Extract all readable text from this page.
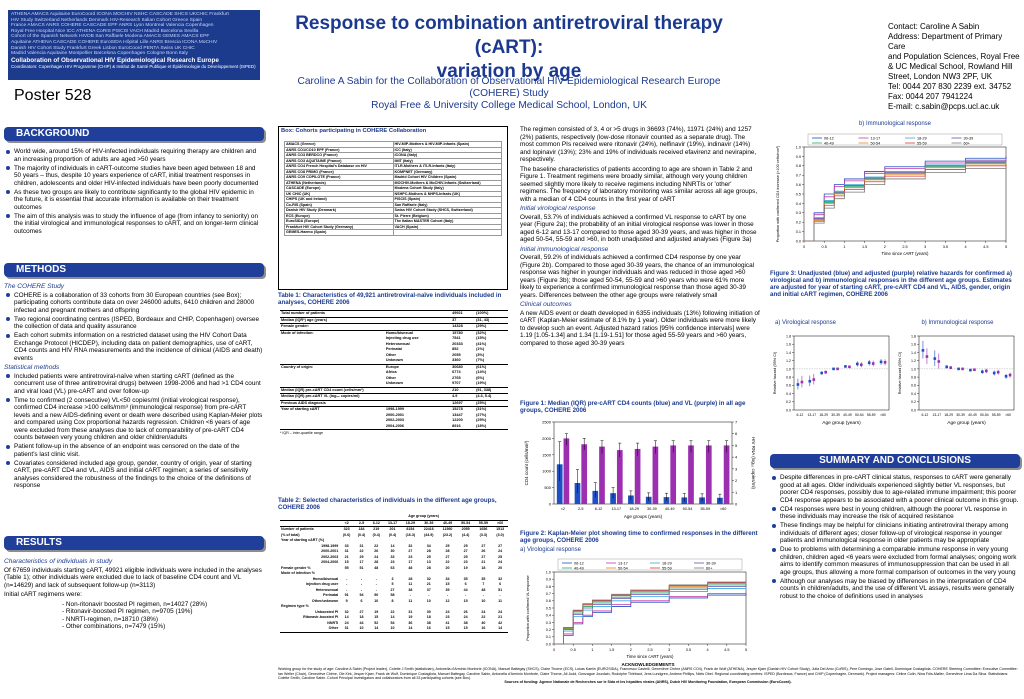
ATHENA AMACS Aquitaine EuroCoord ICONA MOCHIV NSHC CASCADE SHCS UKCHIC Frankfurt
HIV Study Switzerland Netherlands Denmark HIV-Research Italian Cohort Greece Spain
France AMACS ANRS COHERE CASCADE EPF ANRS Lyon Montreal Valencia Copenhagen
Royal Free Hospital Nice ICC ATHENA CoRIS PISCIS VACH Madrid Barcelona Sevilla
Cohort of the Spanish Network HIVDB San Raffaele Modena AMACS GEMES AMACS EPF
Aquitaine ATHENA CASCADE COHERE EuroSIDA Hôpital Lille ANRS Brescia ICONA MoCHIV
Danish HIV Cohort Study Frankfurt Greek Lisbon EuroCoord PENTA Swiss UK CHIC
Madrid Valencia Aquitaine Montpellier Barcelona Copenhagen Cologne Bonn Italy
Collaboration of Observational HIV Epidemiological Research Europe
Coordinators: Copenhagen HIV Programme (CHIP) & Institut de Santé Publique et Épidémiologie du Développement (ISPED)
Poster 528
Response to combination antiretroviral therapy (cART):
variation by age
Caroline A Sabin for the Collaboration of Observational HIV Epidemiological Research Europe (COHERE) Study
Royal Free & University College Medical School, London, UK
Contact: Caroline A Sabin
Address: Department of Primary Care
and Population Sciences, Royal Free
& UC Medical School, Rowland Hill
Street, London NW3 2PF, UK
Tel: 0044 207 830 2239 ext. 34752
Fax: 0044 207 7941224
E-mail: c.sabin@pcps.ucl.ac.uk
BACKGROUND
World wide, around 15% of HIV-infected individuals requiring therapy are children and an increasing proportion of adults are aged >50 years
The majority of individuals in cART-outcome studies have been aged between 18 and 50 years – thus, despite 10 years experience of cART, initial treatment responses in children, adolescents and older HIV-infected individuals have been poorly documented
As these two groups are likely to contribute significantly to the global HIV epidemic in the future, it is essential that accurate information is available on their treatment outcomes
The aim of this analysis was to study the influence of age (from infancy to seniority) on the initial virological and immunological responses to cART, and on longer-term clinical outcomes
METHODS
The COHERE Study
COHERE is a collaboration of 33 cohorts from 30 European countries (see Box); participating cohorts contribute data on over 246000 adults, 6410 children and 28000 infected and pregnant mothers and offspring
Two regional coordinating centres (ISPED, Bordeaux and CHIP, Copenhagen) oversee the collection of data and quality assurance
Each cohort submits information on a restricted dataset using the HIV Cohort Data Exchange Protocol (HICDEP), including data on patient demographics, use of cART, CD4 counts and HIV RNA measurements and the incidence of clinical (AIDS and death) events
Statistical methods
Included patients were antiretroviral-naïve when starting cART (defined as the concurrent use of three antiretroviral drugs) between 1998-2006 and had >1 CD4 count and viral load (VL) pre-cART and over follow-up
Time to confirmed (2 consecutive) VL<50 copies/ml (initial virological response), confirmed CD4 increase >100 cells/mm³ (immunological response) from pre-cART levels and a new AIDS-defining event or death were described using Kaplan-Meier plots and compared using Cox proportional hazards regression. Children <6 years of age were excluded from these analyses due to lack of comparability of pre-cART CD4 counts between very young children and older children/adults
Patient follow-up in the absence of an endpoint was censored on the date of the patient's last clinic visit.
Covariates considered included age group, gender, country of origin, year of starting cART, pre-cART CD4 and VL, AIDS and initial cART regimen; a series of sensitivity analyses considered the robustness of the findings to the choice of the definitions of response
RESULTS
Characteristics of individuals in study

Of 67659 individuals starting cART, 49921 eligible individuals were included in the analyses (Table 1); other individuals were excluded due to lack of baseline CD4 count and VL (n=14629) and lack of subsequent follow-up (n=3113)

Initial cART regimens were:

- Non-ritonavir boosted PI regimen, n=14027 (28%)
- Ritonavir-boosted PI regimen, n=9705 (19%)
- NNRTI-regimen, n=18710 (38%)
- Other combinations, n=7479 (15%)
Box: Cohorts participating in COHERE Collaboration
AMACS (Greece)	HIV-MIP-Mothers & HIV-MIP-Infants (Spain)
ANRS CO1/CO10 EPF (France)	ICC (Italy)
ANRS CO3 BERDCO (France)	ICONA (Italy)
ANRS CO3 AQUITAINE (France)	IMIT (Italy)
ANRS CO4 French Hospital's Database on HIV	ITLR-Mothers & ITLR-Infants (Italy)
ANRS CO8 PRIMO (France)	KOMPNET (Germany)
ANRS CO9 COPILOTE (France)	Madrid Cohort HIV Children (Spain)
ATHENA (Netherlands)	MOCHIV-Mothers & MoCHIV-Infants (Switzerland)
CASCADE (Europe)	Modena Cohort Study (Italy)
UK CHIC (UK)	NSHPC-Mothers & NHPS-Infants (UK)
CHIPS (UK and Ireland)	PISCIS (Spain)
Co-RIS (Spain)	San Raffaele (Italy)
Danish HIV Study (Denmark)	Swiss HIV Cohort Study (SHCS, Switzerland)
ECS (Europe)	St. Pierre (Belgium)
EuroSIDA (Europe)	The Italian MASTER Cohort (Italy)
Frankfurt HIV Cohort Study (Germany)	VACH (Spain)
GEMES-Haemo (Spain)	
Table 1: Characteristics of 49,921 antiretroviral-naïve individuals included in analyses, COHERE 2006
Total number of patients		49921	(100%)
Median (IQR*) age (years)		37	(31, 43)
Female gender:		14328	(29%)
Mode of infection:	Homo/bisexual	15780	(32%)
	Injecting drug use	7541	(15%)
	Heterosexual	20333	(41%)
	Perinatal	852	(1%)
	Other	2055	(3%)
	Unknown	3360	(7%)
Country of origin:	Europe	30680	(61%)
	Africa	6774	(14%)
	Other	2765	(6%)
	Unknown	9707	(19%)
Median (IQR) pre-cART CD4 count (cells/mm³)		210	(91, 338)
Median (IQR) pre-cART VL (log₁₀ copies/ml)		4.9	(4.3, 5.4)
Previous AIDS diagnosis		12697	(25%)
Year of starting cART	1998-1999	15278	(31%)
	2000-2001	13447	(27%)
	2002-2003	12200	(25%)
	2004-2006	8916	(18%)
* IQR – inter-quartile range
Table 2: Selected characteristics of individuals in the different age groups, COHERE 2006
	Age group (years)									
	<2	2-5	6-12	13-17	18-29	30-39	40-49	50-54	55-59	>60
Number of patients	323	184	219	201	8154	22416	11560	2055	1656	1513
(% of total)	(0.6)	(0.4)	(0.4)	(0.4)	(16.3)	(44.9)	(23.2)	(4.4)	(3.3)	(3.0)
Year of starting cART (%)										
1998-1999	33	31	22	14	32	34	25	25	27	27
2000-2001	31	22	26	30	27	28	28	27	26	24
2002-2003	21	29	24	33	23	25	27	25	27	25
2004-2006	15	17	28	23	17	13	22	23	21	24
Female gender %	55	51	48	63	48	28	20	19	18	20
Mode of infection %										
Homo/bisexual	-	-	-	3	28	32	34	35	35	32
Injection drug user	-	-	-	5	11	21	15	6	7	6
Heterosexual	-	-	-	27	38	37	39	44	48	51
Perinatal	91	94	90	58	-	-	-	-	-	-
Other/unknown	9	6	10	8	11	10	12	15	10	11
Regimen type %										
Unboosted PI	32	27	19	22	31	30	24	26	24	24
Ritonavir-boosted PI	14	18	15	14	19	18	23	24	22	21
NNRTI	24	44	52	54	36	38	41	38	40	42
Other	31	10	14	10	14	16	15	15	16	14

The regimen consisted of 3, 4 or >5 drugs in 36693 (74%), 11971 (24%) and 1257 (2%) patients, respectively (low-dose ritonavir counted as a separate drug). The most common PIs received were ritonavir (24%), nelfinavir (19%), indinavir (14%) and lopinavir (13%); 23% and 19% of individuals received efavirenz and nevirapine, respectively.

The baseline characteristics of patients according to age are shown in Table 2 and Figure 1. Treatment regimens were broadly similar, although very young children seemed slightly more likely to receive regimens including NNRTIs or 'other' regimens. The frequency of laboratory monitoring was similar across all age groups, with a median of 4 CD4 counts in the first year of cART

Initial virological response

Overall, 53.7% of individuals achieved a confirmed VL response to cART by one year (Figure 2a); the probability of an initial virological response was lower in those aged 6-12 and 13-17 compared to those aged 30-39 years, and was higher in those aged 50-54, 55-59 and >60, in both unadjusted and adjusted analyses (Figure 3a)

Initial immunological response

Overall, 59.2% of individuals achieved a confirmed CD4 response by one year (Figure 2b). Compared to those aged 30-39 years, the chance of an immunological response was higher in younger individuals and was reduced in those aged >60 years (Figure 3b); those aged 50-54, 55-59 and >60 years who were 61% more likely to experience a confirmed immunological response than those aged 30-39 years. Differences between the other age groups were relatively small

Clinical outcomes

A new AIDS event or death developed in 6355 individuals (13%) following initiation of cART (Kaplan-Meier estimate of 8.1% by 1 year). Older individuals were more likely to develop such an event. Adjusted hazard ratios [95% confidence intervals] were 1.19 [1.05-1.34] and 1.34 [1.19-1.51] for those aged 55-59 years and >60 years, compared to those aged 30-39 years

Figure 1: Median (IQR) pre-cART CD4 counts (blue) and VL (purple) in all age groups, COHERE 2006
0
500
1000
1500
2000
2500
0
1
2
3
4
5
6
7
<2	2-5	6-12 13-17 18-29 30-39 40-49 50-54 55-59	>60
Age groups (years)
CD4 count (cells/mm³)	HIV RNA (log₁₀ copies/ml)
Figure 2: Kaplan-Meier plot showing time to confirmed responses in the different age groups, COHERE 2006
a) Virological response
0.0
0.1
0.2
0.3
0.4
0.5
0.6
0.7
0.8
0.9
1.0
0	0.5	1	1.5	2	2.5	3	3.5	4	4.5	5
06-12	13-17	18-29	30-39
40-49	50-54	55-59	60+
Time since cART (years)
Proportion with confirmed VL response
b) Immunological response
0.0
0.1
0.2
0.3
0.4
0.5
0.6
0.7
0.8
0.9
1.0
0	0.5	1	1.5	2	2.5	3	3.5	4	4.5	5
06-12	13-17	18-29	30-39
40-49	50-54	55-59	60+
Time since cART (years)
Proportion with confirmed CD4 increase (>100 cells/mm³)
Figure 3: Unadjusted (blue) and adjusted (purple) relative hazards for confirmed a) virological and b) immunological responses in the different age groups. Estimates are adjusted for year of starting cART, pre-cART CD4 and VL, AIDS, gender, origin and initial cART regimen, COHERE 2006
a) Virological response	b) Immunological response
0.0
0.2
0.4
0.6
0.8
1.0
1.2
1.4
1.6
1.8
6-12 13-17 18-29 30-39 40-49 50-54 55-59 >60
Age group (years)
Relative hazard (95% CI)
0.0
0.2
0.4
0.6
0.8
1.0
1.2
1.4
1.6
1.8
6-12 13-17 18-29 30-39 40-49 50-54 55-59 >60
Age group (years)
Relative hazard (95% CI)
SUMMARY AND CONCLUSIONS
Despite differences in pre-cART clinical status, responses to cART were generally good at all ages. Older individuals experienced slightly better VL responses, but poorer CD4 responses, possibly due to age-related immune impairment; this poorer CD4 response appears to be associated with a poorer clinical outcome in this group.
CD4 responses were best in young children, although the poorer VL response in these individuals may increase the risk of acquired resistance
These findings may be helpful for clinicians initiating antiretroviral therapy among individuals of different ages; closer follow-up of virological response in younger patients and immunological response in older patients may be appropriate
Due to problems with determining a comparable immune response in very young children, children aged <6 years were excluded from formal analyses; ongoing work aims to identify common measures of immunosuppression that can be used in all age groups, thus allowing a more formal comparison of outcomes in the very young
Although our analyses may be biased by differences in the interpretation of CD4 counts in children/adults, and the use of different VL assays, results were generally robust to the choice of definitions used in analyses
ACKNOWLEDGEMENTS
Working group for the study of age: Caroline A Sabin (Project leader), Colette J Smith (statistician), Antonella d'Arminio Monforte (ICONA), Manuel Battegay (SHCS), Claire Thorne (ECS), Lukas Kaelin (EUROSIDA), Francesco Castelli, Geneviève Chêne (ANRS CO4), Frank de Wolf (ATHENA), Jesper Kjaer (Danish HIV Cohort Study), Julia Del Amo (CoRIS), Pere Domingo, Jose Gatell, Dominique Costagliola. COHERE Steering Committee: Executive Committee: Ian Weller (Chair), Geneviève Chêne, Ole Kirk, Jesper Kjaer, Frank de Wolf, Dominique Costagliola, Manuel Battegay, Caroline Sabin, Antonella d'Arminio Monforte, Claire Thorne, Ali Judd, Gonzague Jourdain, Rodolphe Thiébaut, Jens Lundgren, Andrew Phillips, Niels Obel. Regional coordinating centres: ISPED (Bordeaux, France) and CHIP (Copenhagen, Denmark). Project managers: Céline Colin, Nina Friis-Møller, Geneviève Lima Da Silva. Statisticians: Colette Smith, Caroline Sabin. Cohort Principal Investigators and collaborators from all 33 participating cohorts (see Box).
Sources of funding: Agence Nationale de Recherches sur le Sida et les hépatites virales (ANRS), Dutch HIV Monitoring Foundation, European Commission (EuroCoord).
